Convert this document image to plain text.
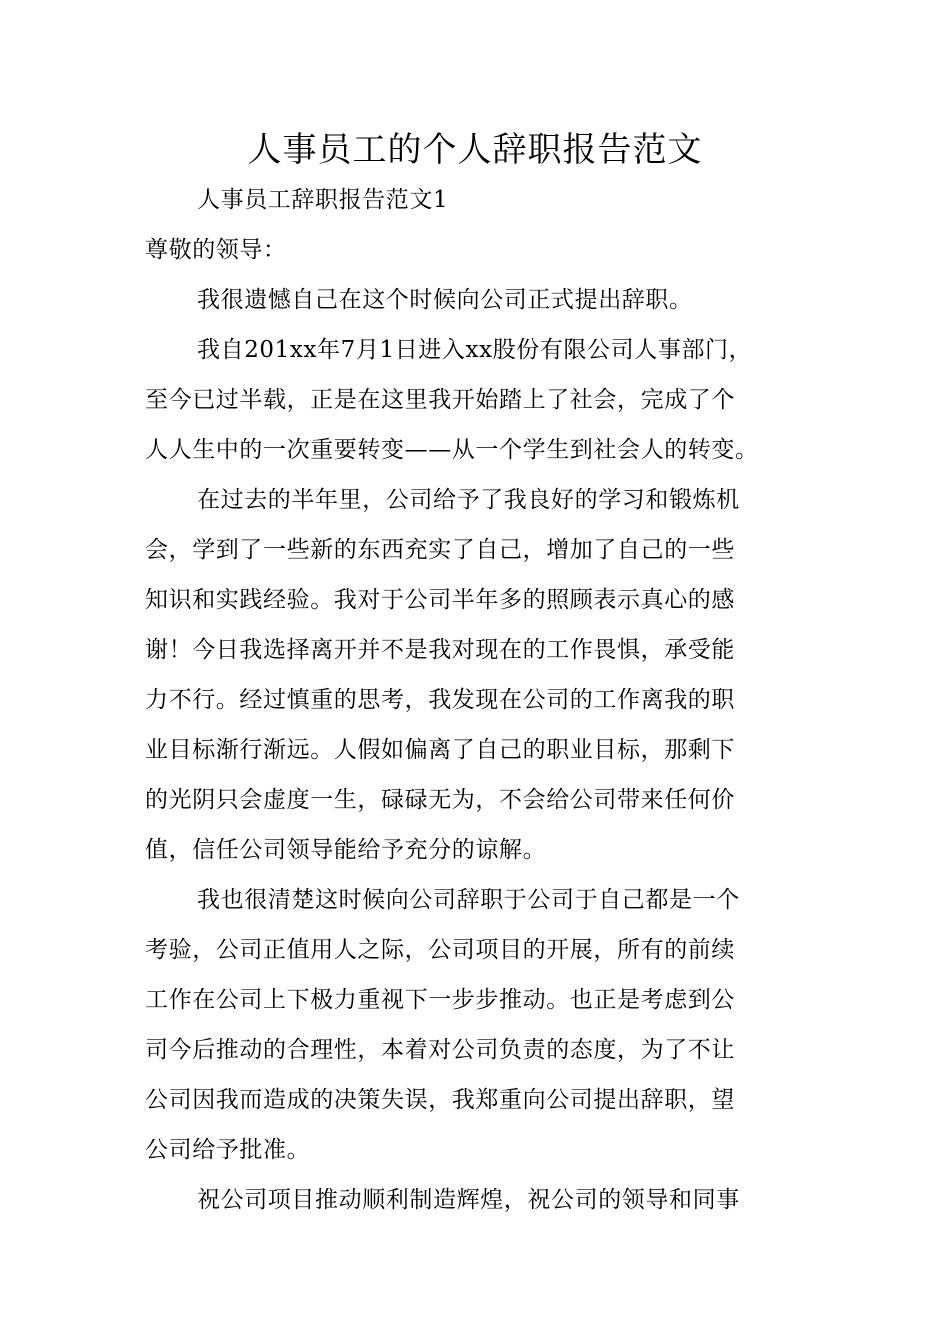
人事员工的个人辞职报告范文
人事员工辞职报告范文1
尊敬的领导：
我很遗憾自己在这个时候向公司正式提出辞职。
我自201xx年7月1日进入xx股份有限公司人事部门，
至今已过半载，正是在这里我开始踏上了社会，完成了个
人人生中的一次重要转变——从一个学生到社会人的转变。
在过去的半年里，公司给予了我良好的学习和锻炼机
会，学到了一些新的东西充实了自己，增加了自己的一些
知识和实践经验。我对于公司半年多的照顾表示真心的感
谢！今日我选择离开并不是我对现在的工作畏惧，承受能
力不行。经过慎重的思考，我发现在公司的工作离我的职
业目标渐行渐远。人假如偏离了自己的职业目标，那剩下
的光阴只会虚度一生，碌碌无为，不会给公司带来任何价
值，信任公司领导能给予充分的谅解。
我也很清楚这时候向公司辞职于公司于自己都是一个
考验，公司正值用人之际，公司项目的开展，所有的前续
工作在公司上下极力重视下一步步推动。也正是考虑到公
司今后推动的合理性，本着对公司负责的态度，为了不让
公司因我而造成的决策失误，我郑重向公司提出辞职，望
公司给予批准。
祝公司项目推动顺利制造辉煌，祝公司的领导和同事
